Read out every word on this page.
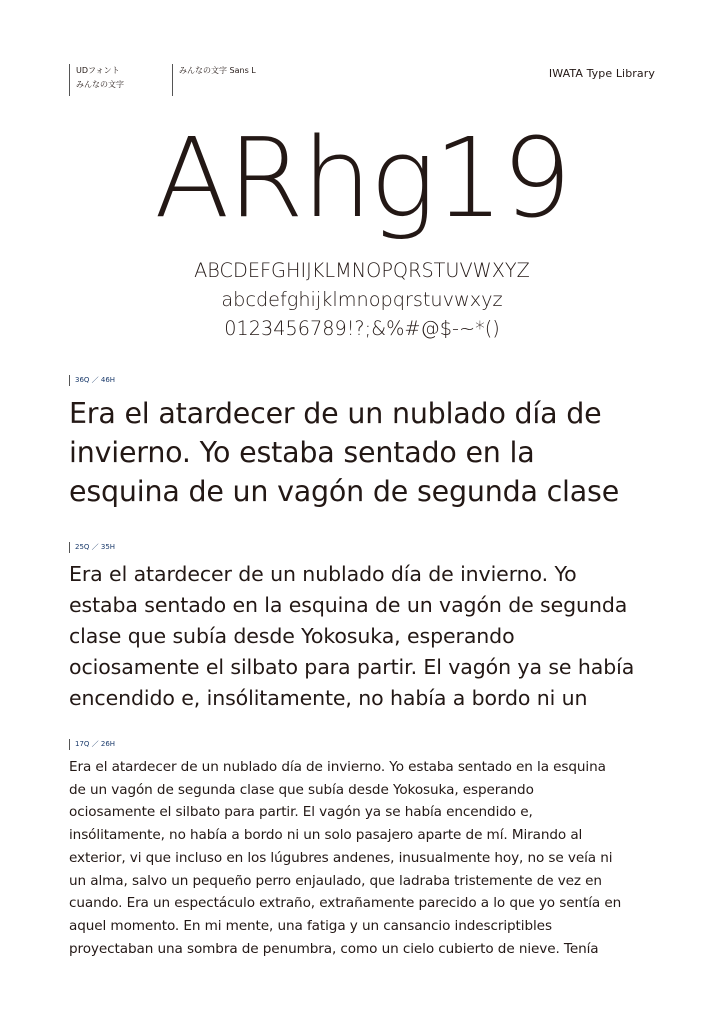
UDフォント
みんなの文字
みんなの文字 Sans L	IWATA Type Library
ARhg19
ABCDEFGHIJKLMNOPQRSTUVWXYZ
abcdefghijklmnopqrstuvwxyz
0123456789!?;&%#@$-~*()
36Q ／ 46H
Era el atardecer de un nublado día de
invierno. Yo estaba sentado en la
esquina de un vagón de segunda clase
25Q ／ 35H
Era el atardecer de un nublado día de invierno. Yo
estaba sentado en la esquina de un vagón de segunda
clase que subía desde Yokosuka, esperando
ociosamente el silbato para partir. El vagón ya se había
encendido e, insólitamente, no había a bordo ni un
17Q ／ 26H
Era el atardecer de un nublado día de invierno. Yo estaba sentado en la esquina
de un vagón de segunda clase que subía desde Yokosuka, esperando
ociosamente el silbato para partir. El vagón ya se había encendido e,
insólitamente, no había a bordo ni un solo pasajero aparte de mí. Mirando al
exterior, vi que incluso en los lúgubres andenes, inusualmente hoy, no se veía ni
un alma, salvo un pequeño perro enjaulado, que ladraba tristemente de vez en
cuando. Era un espectáculo extraño, extrañamente parecido a lo que yo sentía en
aquel momento. En mi mente, una fatiga y un cansancio indescriptibles
proyectaban una sombra de penumbra, como un cielo cubierto de nieve. Tenía
